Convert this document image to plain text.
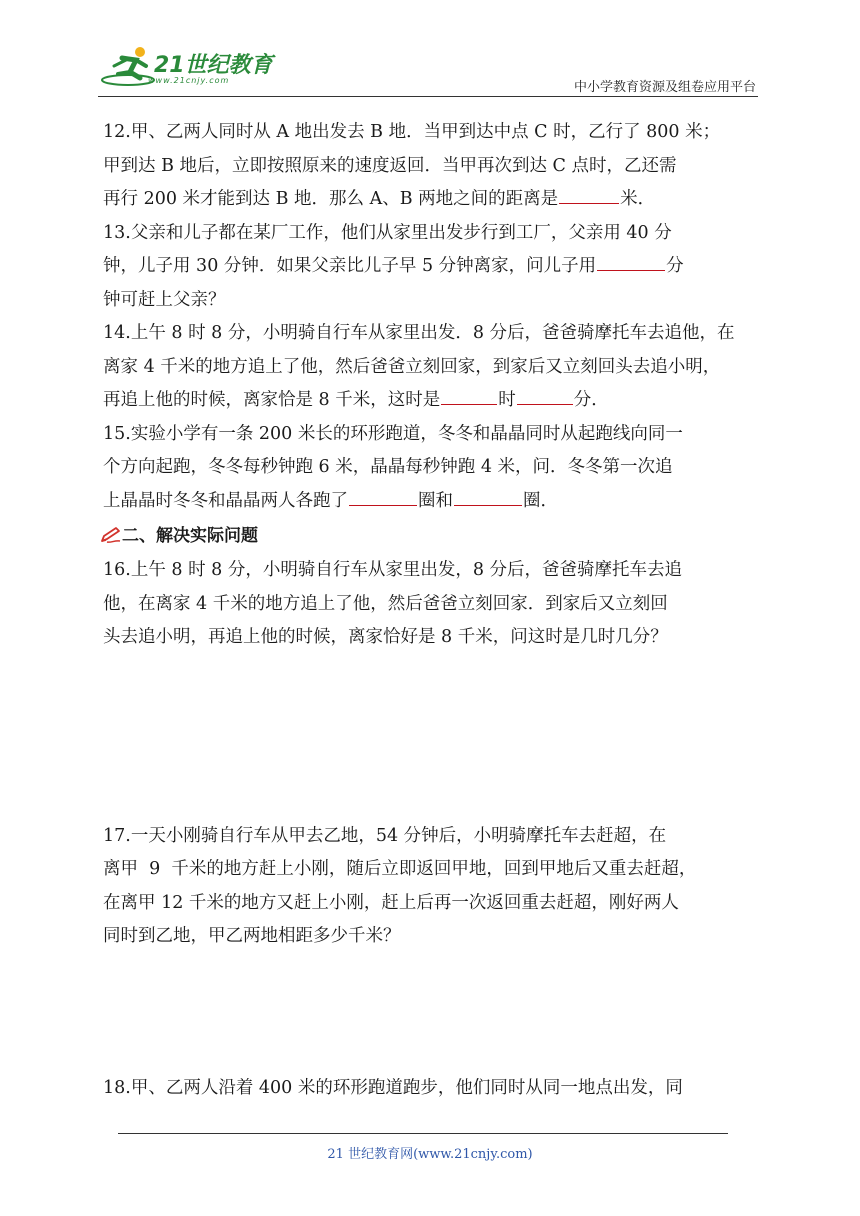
21世纪教育
www.21cnjy.com	中小学教育资源及组卷应用平台
12.甲、乙两人同时从 A 地出发去 B 地．当甲到达中点 C 时，乙行了 800 米；
甲到达 B 地后，立即按照原来的速度返回．当甲再次到达 C 点时，乙还需
再行 200 米才能到达 B 地．那么 A、B 两地之间的距离是	米．
13.父亲和儿子都在某厂工作，他们从家里出发步行到工厂，父亲用 40 分
钟，儿子用 30 分钟．如果父亲比儿子早 5 分钟离家，问儿子用	分
钟可赶上父亲？
14.上午 8 时 8 分，小明骑自行车从家里出发．8 分后，爸爸骑摩托车去追他，在
离家 4 千米的地方追上了他，然后爸爸立刻回家，到家后又立刻回头去追小明，
再追上他的时候，离家恰是 8 千米，这时是	时	分．
15.实验小学有一条 200 米长的环形跑道，冬冬和晶晶同时从起跑线向同一
个方向起跑，冬冬每秒钟跑 6 米，晶晶每秒钟跑 4 米，问．冬冬第一次追
上晶晶时冬冬和晶晶两人各跑了	圈和	圈．
二、解决实际问题
16.上午 8 时 8 分，小明骑自行车从家里出发，8 分后，爸爸骑摩托车去追
他，在离家 4 千米的地方追上了他，然后爸爸立刻回家．到家后又立刻回
头去追小明，再追上他的时候，离家恰好是 8 千米，问这时是几时几分？
17.一天小刚骑自行车从甲去乙地，54 分钟后，小明骑摩托车去赶超，在
离甲  9  千米的地方赶上小刚，随后立即返回甲地，回到甲地后又重去赶超，
在离甲 12 千米的地方又赶上小刚，赶上后再一次返回重去赶超，刚好两人
同时到乙地，甲乙两地相距多少千米？
18.甲、乙两人沿着 400 米的环形跑道跑步，他们同时从同一地点出发，同
21 世纪教育网(www.21cnjy.com)
